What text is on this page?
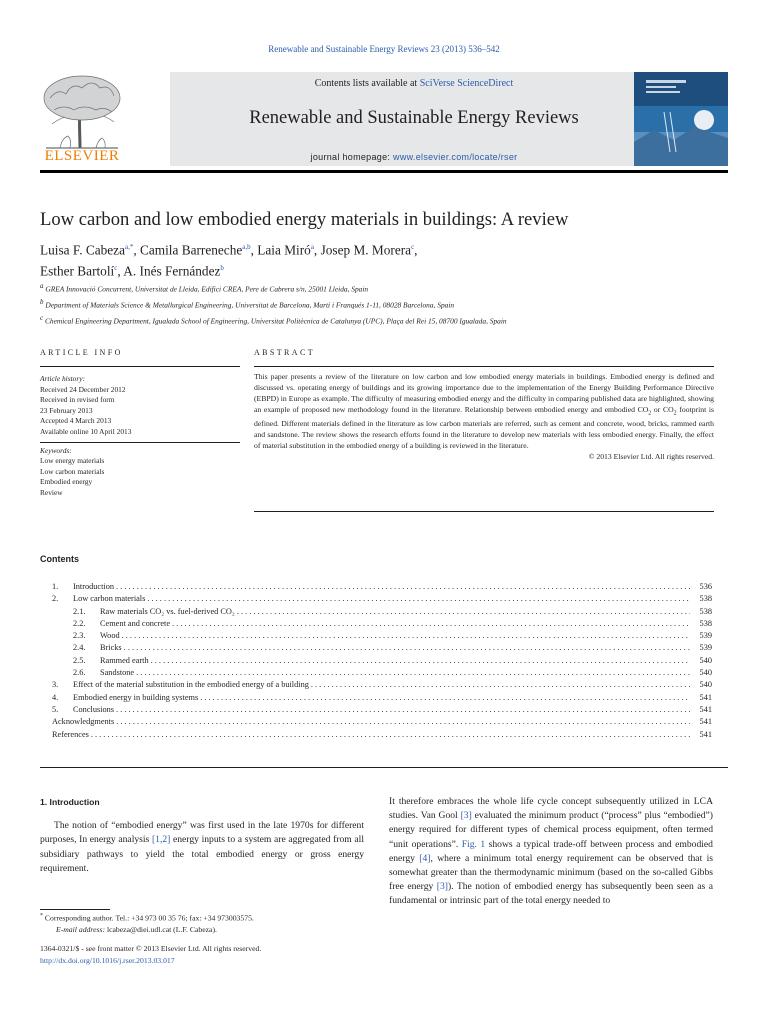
Renewable and Sustainable Energy Reviews 23 (2013) 536–542
ELSEVIER
Contents lists available at SciVerse ScienceDirect
Renewable and Sustainable Energy Reviews
journal homepage: www.elsevier.com/locate/rser
Low carbon and low embodied energy materials in buildings: A review
Luisa F. Cabeza$^{a,*}$, Camila Barreneche$^{a,b}$, Laia Miró$^a$, Josep M. Morera$^c$,
Esther Bartolí$^c$, A. Inés Fernández$^b$
$^a$ GREA Innovació Concurrent, Universitat de Lleida, Edifici CREA, Pere de Cabrera s/n, 25001 Lleida, Spain
$^b$ Department of Materials Science & Metallurgical Engineering, Universitat de Barcelona, Martí i Franqués 1-11, 08028 Barcelona, Spain
$^c$ Chemical Engineering Department, Igualada School of Engineering, Universitat Politècnica de Catalunya (UPC), Plaça del Rei 15, 08700 Igualada, Spain
ARTICLE INFO	ABSTRACT
Article history:
Received 24 December 2012
Received in revised form
23 February 2013
Accepted 4 March 2013
Available online 10 April 2013
Keywords:
Low energy materials
Low carbon materials
Embodied energy
Review
This paper presents a review of the literature on low carbon and low embodied energy materials in buildings. Embodied energy is defined and discussed vs. operating energy of buildings and its growing importance due to the implementation of the Energy Building Performance Directive (EBPD) in Europe as example. The difficulty of measuring embodied energy and the difficulty in comparing published data are highlighted, showing an example of proposed new methodology found in the literature. Relationship between embodied energy and embodied $CO_2$ or $CO_2$ footprint is defined. Different materials defined in the literature as low carbon materials are referred, such as cement and concrete, wood, bricks, rammed earth and sandstone. The review shows the research efforts found in the literature to develop new materials with less embodied energy. Finally, the effect of material substitution in the embodied energy of a building is reviewed in the literature.
© 2013 Elsevier Ltd. All rights reserved.
Contents
1.	Introduction . . .	536
2.	Low carbon materials . . .	538
2.1.	Raw materials CO₂ vs. fuel-derived CO₂ . . .	538
2.2.	Cement and concrete . . .	538
2.3.	Wood . . .	539
2.4.	Bricks . . .	539
2.5.	Rammed earth . . .	540
2.6.	Sandstone . . .	540
3.	Effect of the material substitution in the embodied energy of a building . . .	540
4.	Embodied energy in building systems . . .	541
5.	Conclusions . . .	541
Acknowledgments . . .	541
References . . .	541
1. Introduction

The notion of “embodied energy” was first used in the late 1970s for different purposes, In energy analysis [1,2] energy inputs to a system are aggregated from all subsidiary pathways to yield the total embodied energy or gross energy requirement.

It therefore embraces the whole life cycle concept subsequently utilized in LCA studies. Van Gool [3] evaluated the minimum product (“process” plus “embodied”) energy required for different types of chemical process equipment, often termed “unit operations”. Fig. 1 shows a typical trade-off between process and embodied energy [4], where a minimum total energy requirement can be observed that is somewhat greater than the thermodynamic minimum (based on the so-called Gibbs free energy [3]). The notion of embodied energy has subsequently been seen as a fundamental or intrinsic part of the total energy needed to

* Corresponding author. Tel.: +34 973 00 35 76; fax: +34 973003575.
E-mail address: lcabeza@diei.udl.cat (L.F. Cabeza).
1364-0321/$ - see front matter © 2013 Elsevier Ltd. All rights reserved.
http://dx.doi.org/10.1016/j.rser.2013.03.017
